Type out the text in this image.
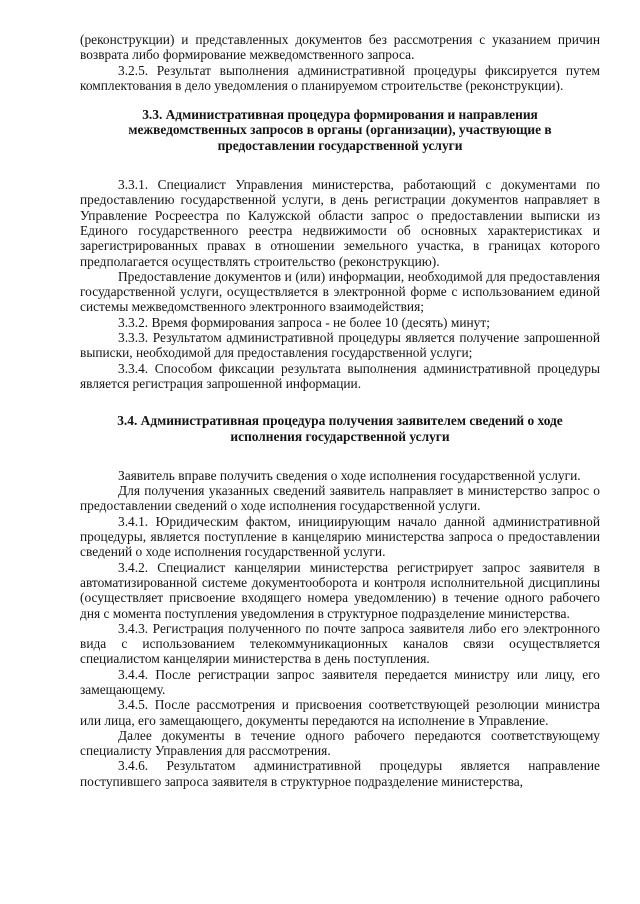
(реконструкции) и представленных документов без рассмотрения с указанием причин возврата либо формирование межведомственного запроса.

3.2.5. Результат выполнения административной процедуры фиксируется путем комплектования в дело уведомления о планируемом строительстве (реконструкции).

3.3. Административная процедура формирования и направления межведомственных запросов в органы (организации), участвующие в предоставлении государственной услуги

3.3.1. Специалист Управления министерства, работающий с документами по предоставлению государственной услуги, в день регистрации документов направляет в Управление Росреестра по Калужской области запрос о предоставлении выписки из Единого государственного реестра недвижимости об основных характеристиках и зарегистрированных правах в отношении земельного участка, в границах которого предполагается осуществлять строительство (реконструкцию).

Предоставление документов и (или) информации, необходимой для предоставления государственной услуги, осуществляется в электронной форме с использованием единой системы межведомственного электронного взаимодействия;

3.3.2. Время формирования запроса - не более 10 (десять) минут;

3.3.3. Результатом административной процедуры является получение запрошенной выписки, необходимой для предоставления государственной услуги;

3.3.4. Способом фиксации результата выполнения административной процедуры является регистрация запрошенной информации.

3.4. Административная процедура получения заявителем сведений о ходе исполнения государственной услуги

Заявитель вправе получить сведения о ходе исполнения государственной услуги.

Для получения указанных сведений заявитель направляет в министерство запрос о предоставлении сведений о ходе исполнения государственной услуги.

3.4.1. Юридическим фактом, инициирующим начало данной административной процедуры, является поступление в канцелярию министерства запроса о предоставлении сведений о ходе исполнения государственной услуги.

3.4.2. Специалист канцелярии министерства регистрирует запрос заявителя в автоматизированной системе документооборота и контроля исполнительной дисциплины (осуществляет присвоение входящего номера уведомлению) в течение одного рабочего дня с момента поступления уведомления в структурное подразделение министерства.

3.4.3. Регистрация полученного по почте запроса заявителя либо его электронного вида с использованием телекоммуникационных каналов связи осуществляется специалистом канцелярии министерства в день поступления.

3.4.4. После регистрации запрос заявителя передается министру или лицу, его замещающему.

3.4.5. После рассмотрения и присвоения соответствующей резолюции министра или лица, его замещающего, документы передаются на исполнение в Управление.

Далее документы в течение одного рабочего передаются соответствующему специалисту Управления для рассмотрения.

3.4.6. Результатом административной процедуры является направление поступившего запроса заявителя в структурное подразделение министерства,
